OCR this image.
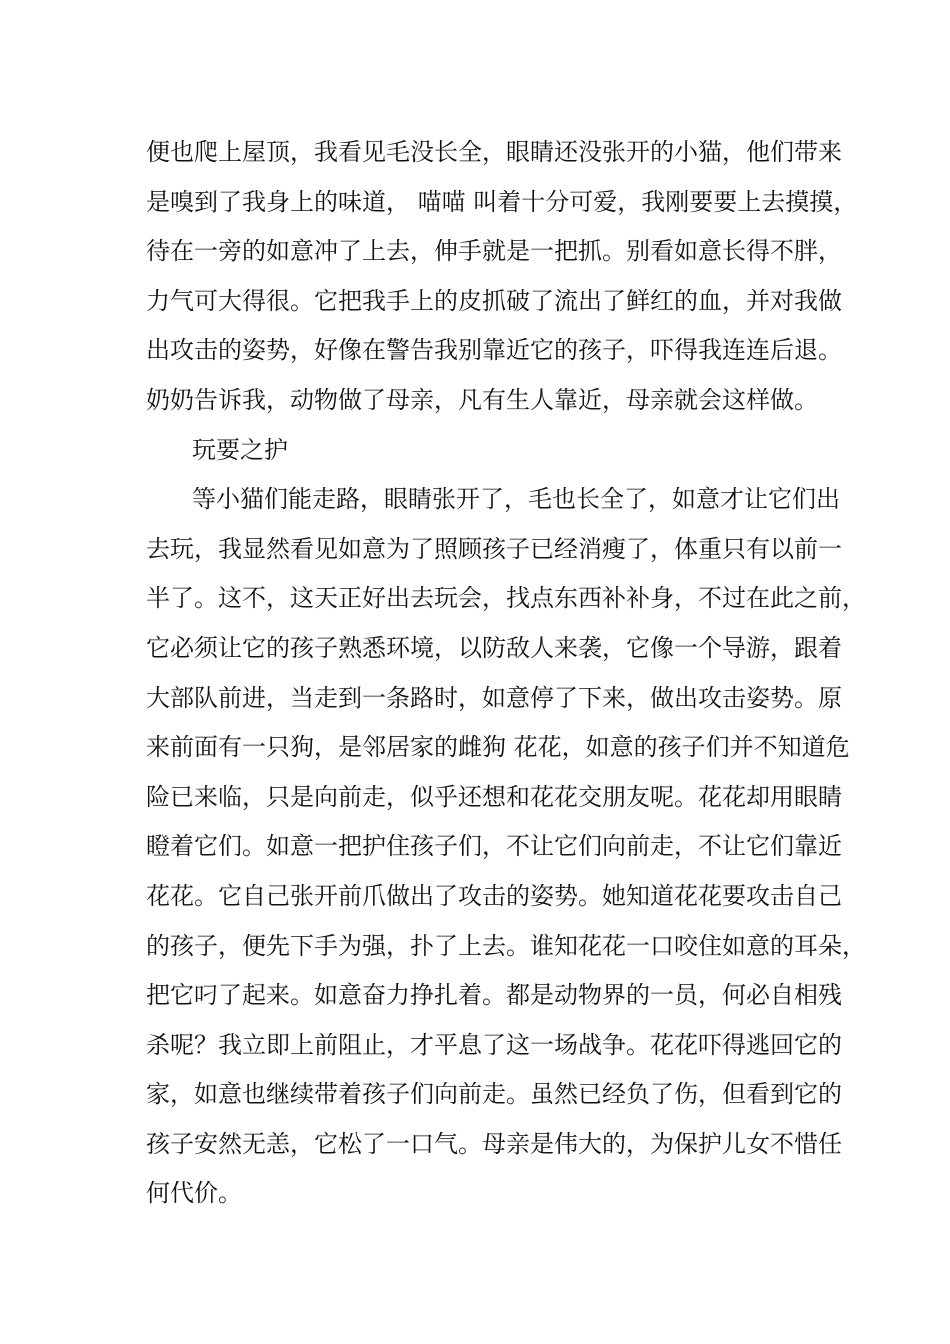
便也爬上屋顶，我看见毛没长全，眼睛还没张开的小猫，他们带来
是嗅到了我身上的味道， 喵喵 叫着十分可爱，我刚要要上去摸摸，
待在一旁的如意冲了上去，伸手就是一把抓。别看如意长得不胖，
力气可大得很。它把我手上的皮抓破了流出了鲜红的血，并对我做
出攻击的姿势，好像在警告我别靠近它的孩子，吓得我连连后退。
奶奶告诉我，动物做了母亲，凡有生人靠近，母亲就会这样做。
玩要之护
等小猫们能走路，眼睛张开了，毛也长全了，如意才让它们出
去玩，我显然看见如意为了照顾孩子已经消瘦了，体重只有以前一
半了。这不，这天正好出去玩会，找点东西补补身，不过在此之前，
它必须让它的孩子熟悉环境，以防敌人来袭，它像一个导游，跟着
大部队前进，当走到一条路时，如意停了下来，做出攻击姿势。原
来前面有一只狗，是邻居家的雌狗 花花，如意的孩子们并不知道危
险已来临，只是向前走，似乎还想和花花交朋友呢。花花却用眼睛
瞪着它们。如意一把护住孩子们，不让它们向前走，不让它们靠近
花花。它自己张开前爪做出了攻击的姿势。她知道花花要攻击自己
的孩子，便先下手为强，扑了上去。谁知花花一口咬住如意的耳朵，
把它叼了起来。如意奋力挣扎着。都是动物界的一员，何必自相残
杀呢？我立即上前阻止，才平息了这一场战争。花花吓得逃回它的
家，如意也继续带着孩子们向前走。虽然已经负了伤，但看到它的
孩子安然无恙，它松了一口气。母亲是伟大的，为保护儿女不惜任
何代价。
